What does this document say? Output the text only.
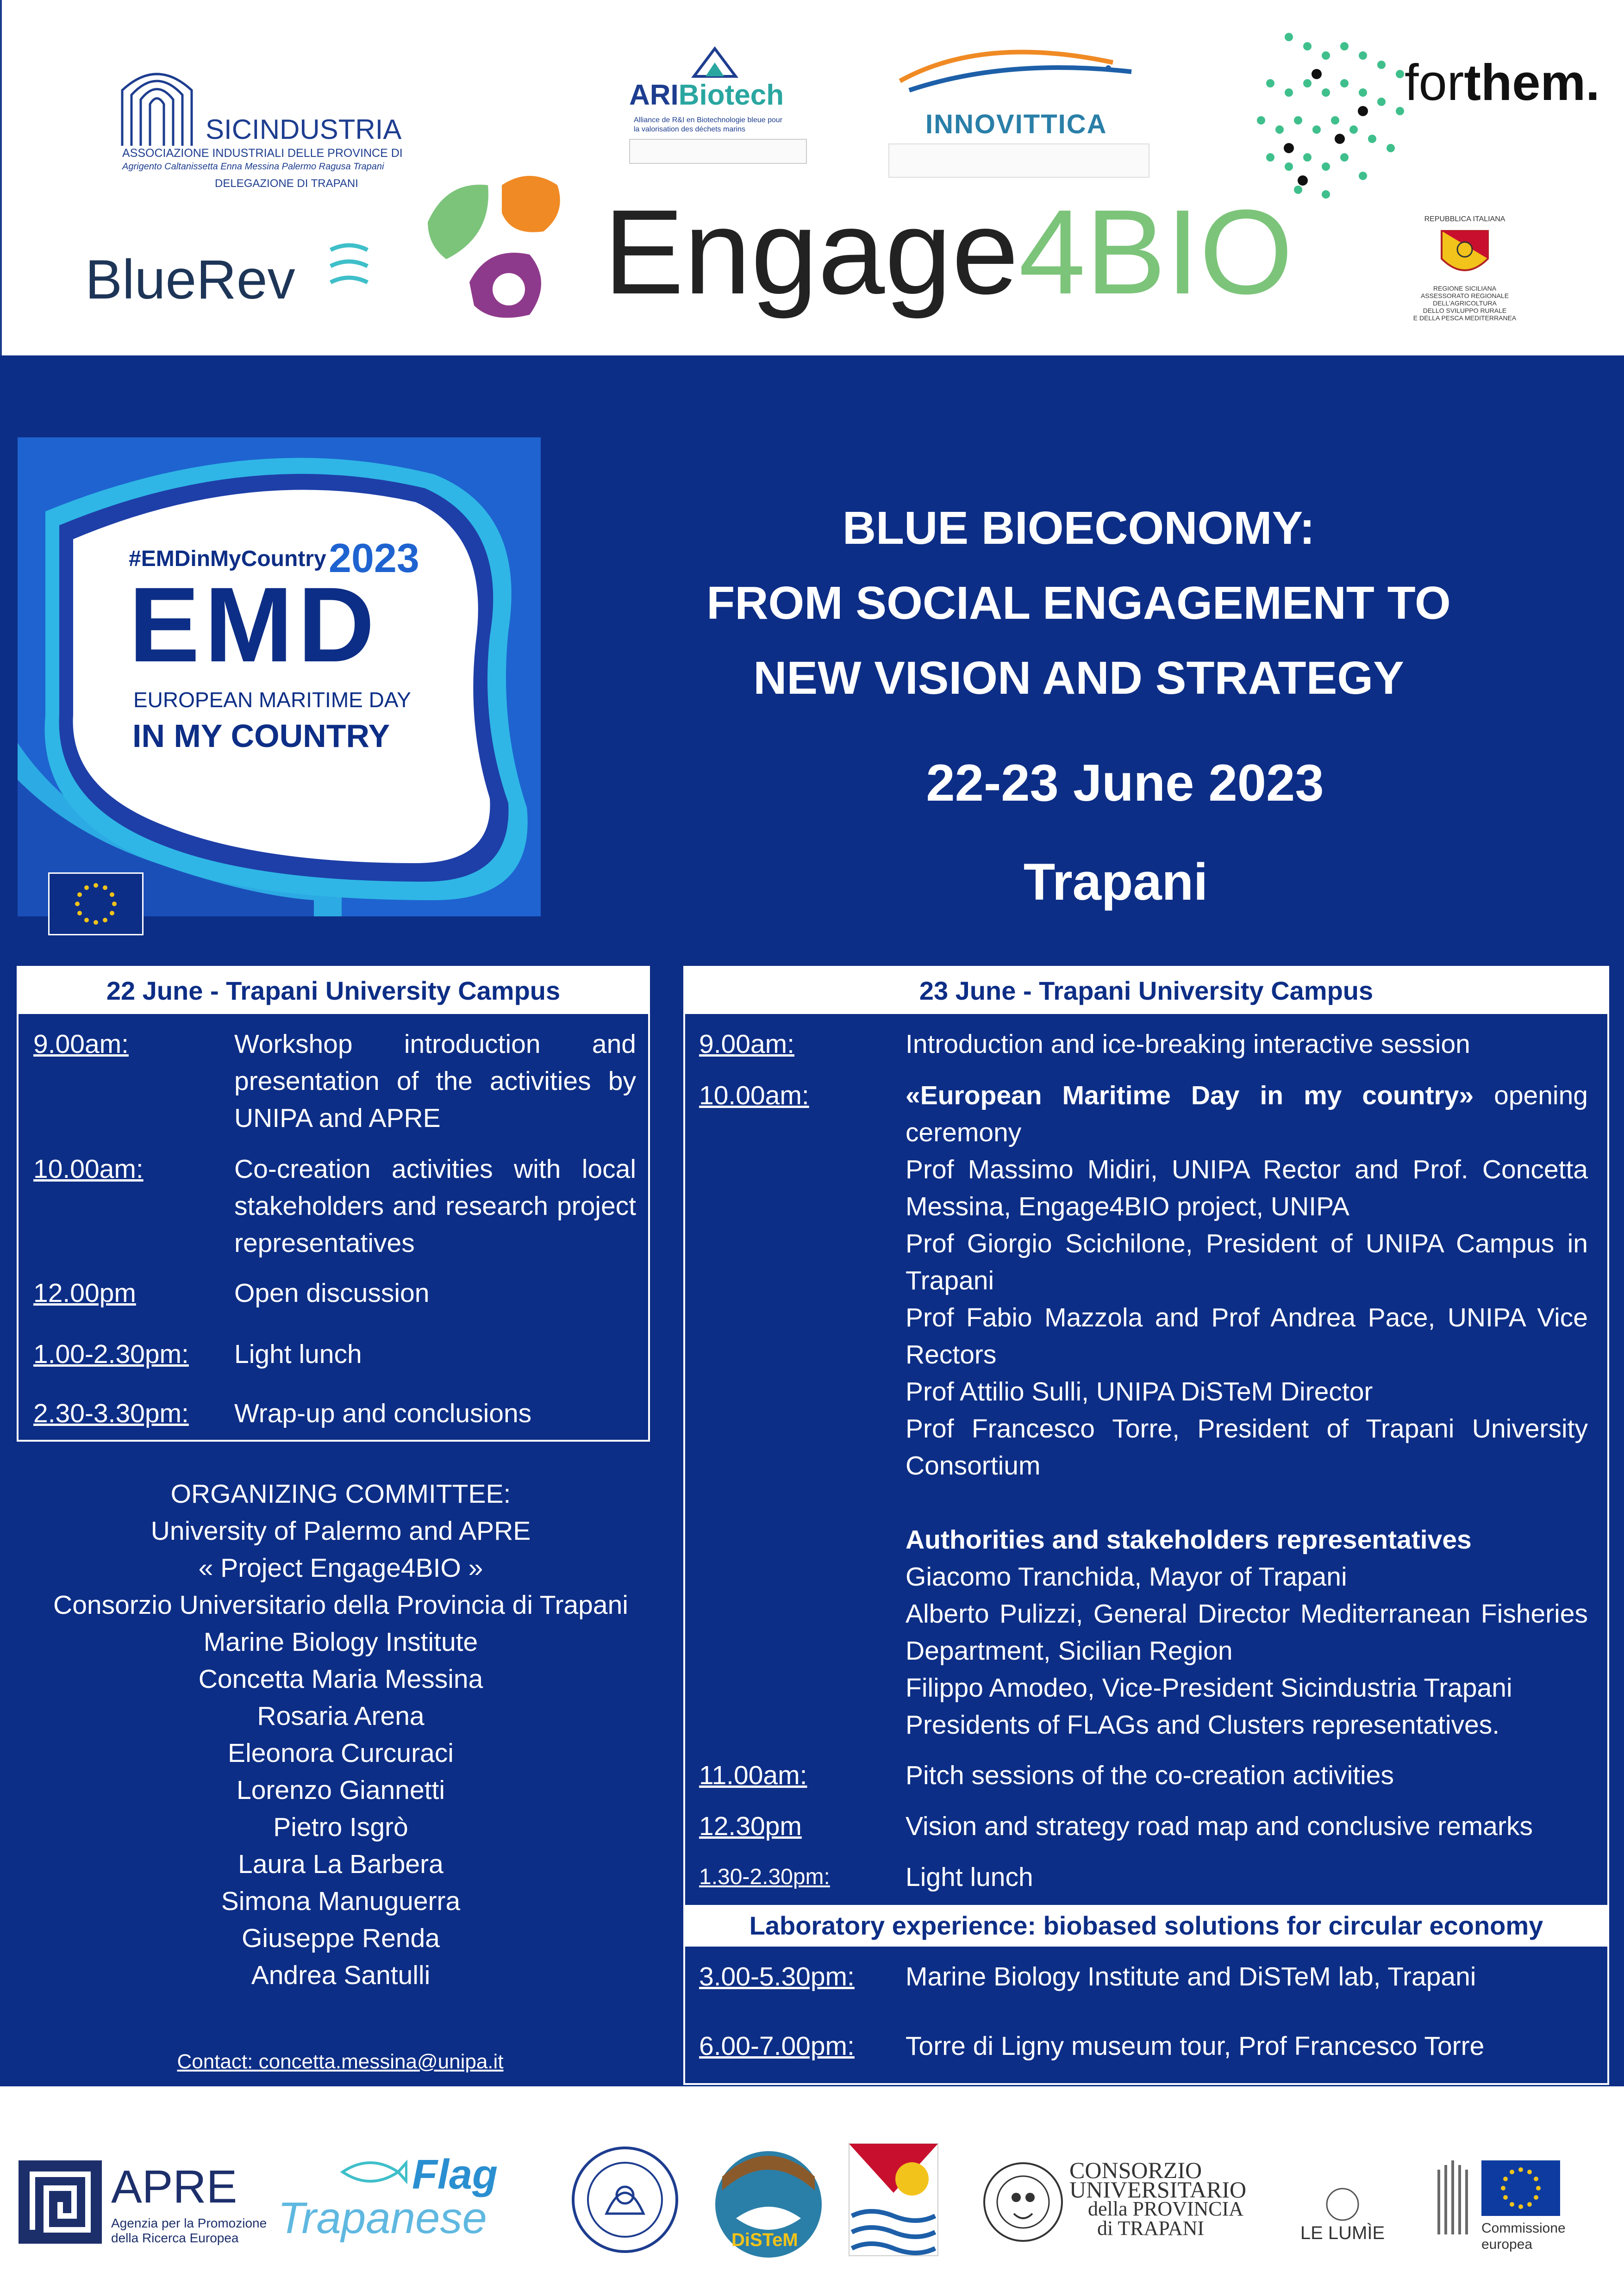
SICINDUSTRIA
ASSOCIAZIONE INDUSTRIALI DELLE PROVINCE DI
Agrigento Caltanissetta Enna Messina Palermo Ragusa Trapani
DELEGAZIONE DI TRAPANI
ARIBiotech
Alliance de R&I en Biotechnologie bleue pour la valorisation des déchets marins	INNOVITTICA
forthem.
BlueRev	Engage4BIO	REPUBBLICA ITALIANA
REGIONE SICILIANA
ASSESSORATO REGIONALE DELL'AGRICOLTURA
DELLO SVILUPPO RURALE
E DELLA PESCA MEDITERRANEA
#EMDinMyCountry 2023
EMD
EUROPEAN MARITIME DAY
IN MY COUNTRY
BLUE BIOECONOMY:
FROM SOCIAL ENGAGEMENT TO
NEW VISION AND STRATEGY
22-23 June 2023
Trapani
22 June - Trapani University Campus
9.00am:	Workshop introduction and presentation of the activities by UNIPA and APRE
10.00am:	Co-creation activities with local stakeholders and research project representatives
12.00pm	Open discussion
1.00-2.30pm: Light lunch
2.30-3.30pm: Wrap-up and conclusions
ORGANIZING COMMITTEE:
University of Palermo and APRE
« Project Engage4BIO »
Consorzio Universitario della Provincia di Trapani
Marine Biology Institute
Concetta Maria Messina
Rosaria Arena
Eleonora Curcuraci
Lorenzo Giannetti
Pietro Isgrò
Laura La Barbera
Simona Manuguerra
Giuseppe Renda
Andrea Santulli
Contact: concetta.messina@unipa.it
23 June - Trapani University Campus
9.00am:	Introduction and ice-breaking interactive session
10.00am:	«European Maritime Day in my country» opening ceremony
Prof Massimo Midiri, UNIPA Rector and Prof. Concetta Messina, Engage4BIO project, UNIPA
Prof Giorgio Scichilone, President of UNIPA Campus in Trapani
Prof Fabio Mazzola and Prof Andrea Pace, UNIPA Vice Rectors
Prof Attilio Sulli, UNIPA DiSTeM Director
Prof Francesco Torre, President of Trapani University Consortium
Authorities and stakeholders representatives
Giacomo Tranchida, Mayor of Trapani
Alberto Pulizzi, General Director Mediterranean Fisheries Department, Sicilian Region
Filippo Amodeo, Vice-President Sicindustria Trapani
Presidents of FLAGs and Clusters representatives.
11.00am:	Pitch sessions of the co-creation activities
12.30pm	Vision and strategy road map and conclusive remarks
1.30-2.30pm:	Light lunch
Laboratory experience: biobased solutions for circular economy
3.00-5.30pm: Marine Biology Institute and DiSTeM lab, Trapani
6.00-7.00pm: Torre di Ligny museum tour, Prof Francesco Torre
APRE
Agenzia per la Promozione
della Ricerca Europea
Flag
Trapanese	DiSTeM
CONSORZIO
UNIVERSITARIO
della PROVINCIA
di TRAPANI	LE LUMÌE	Commissione
europea
